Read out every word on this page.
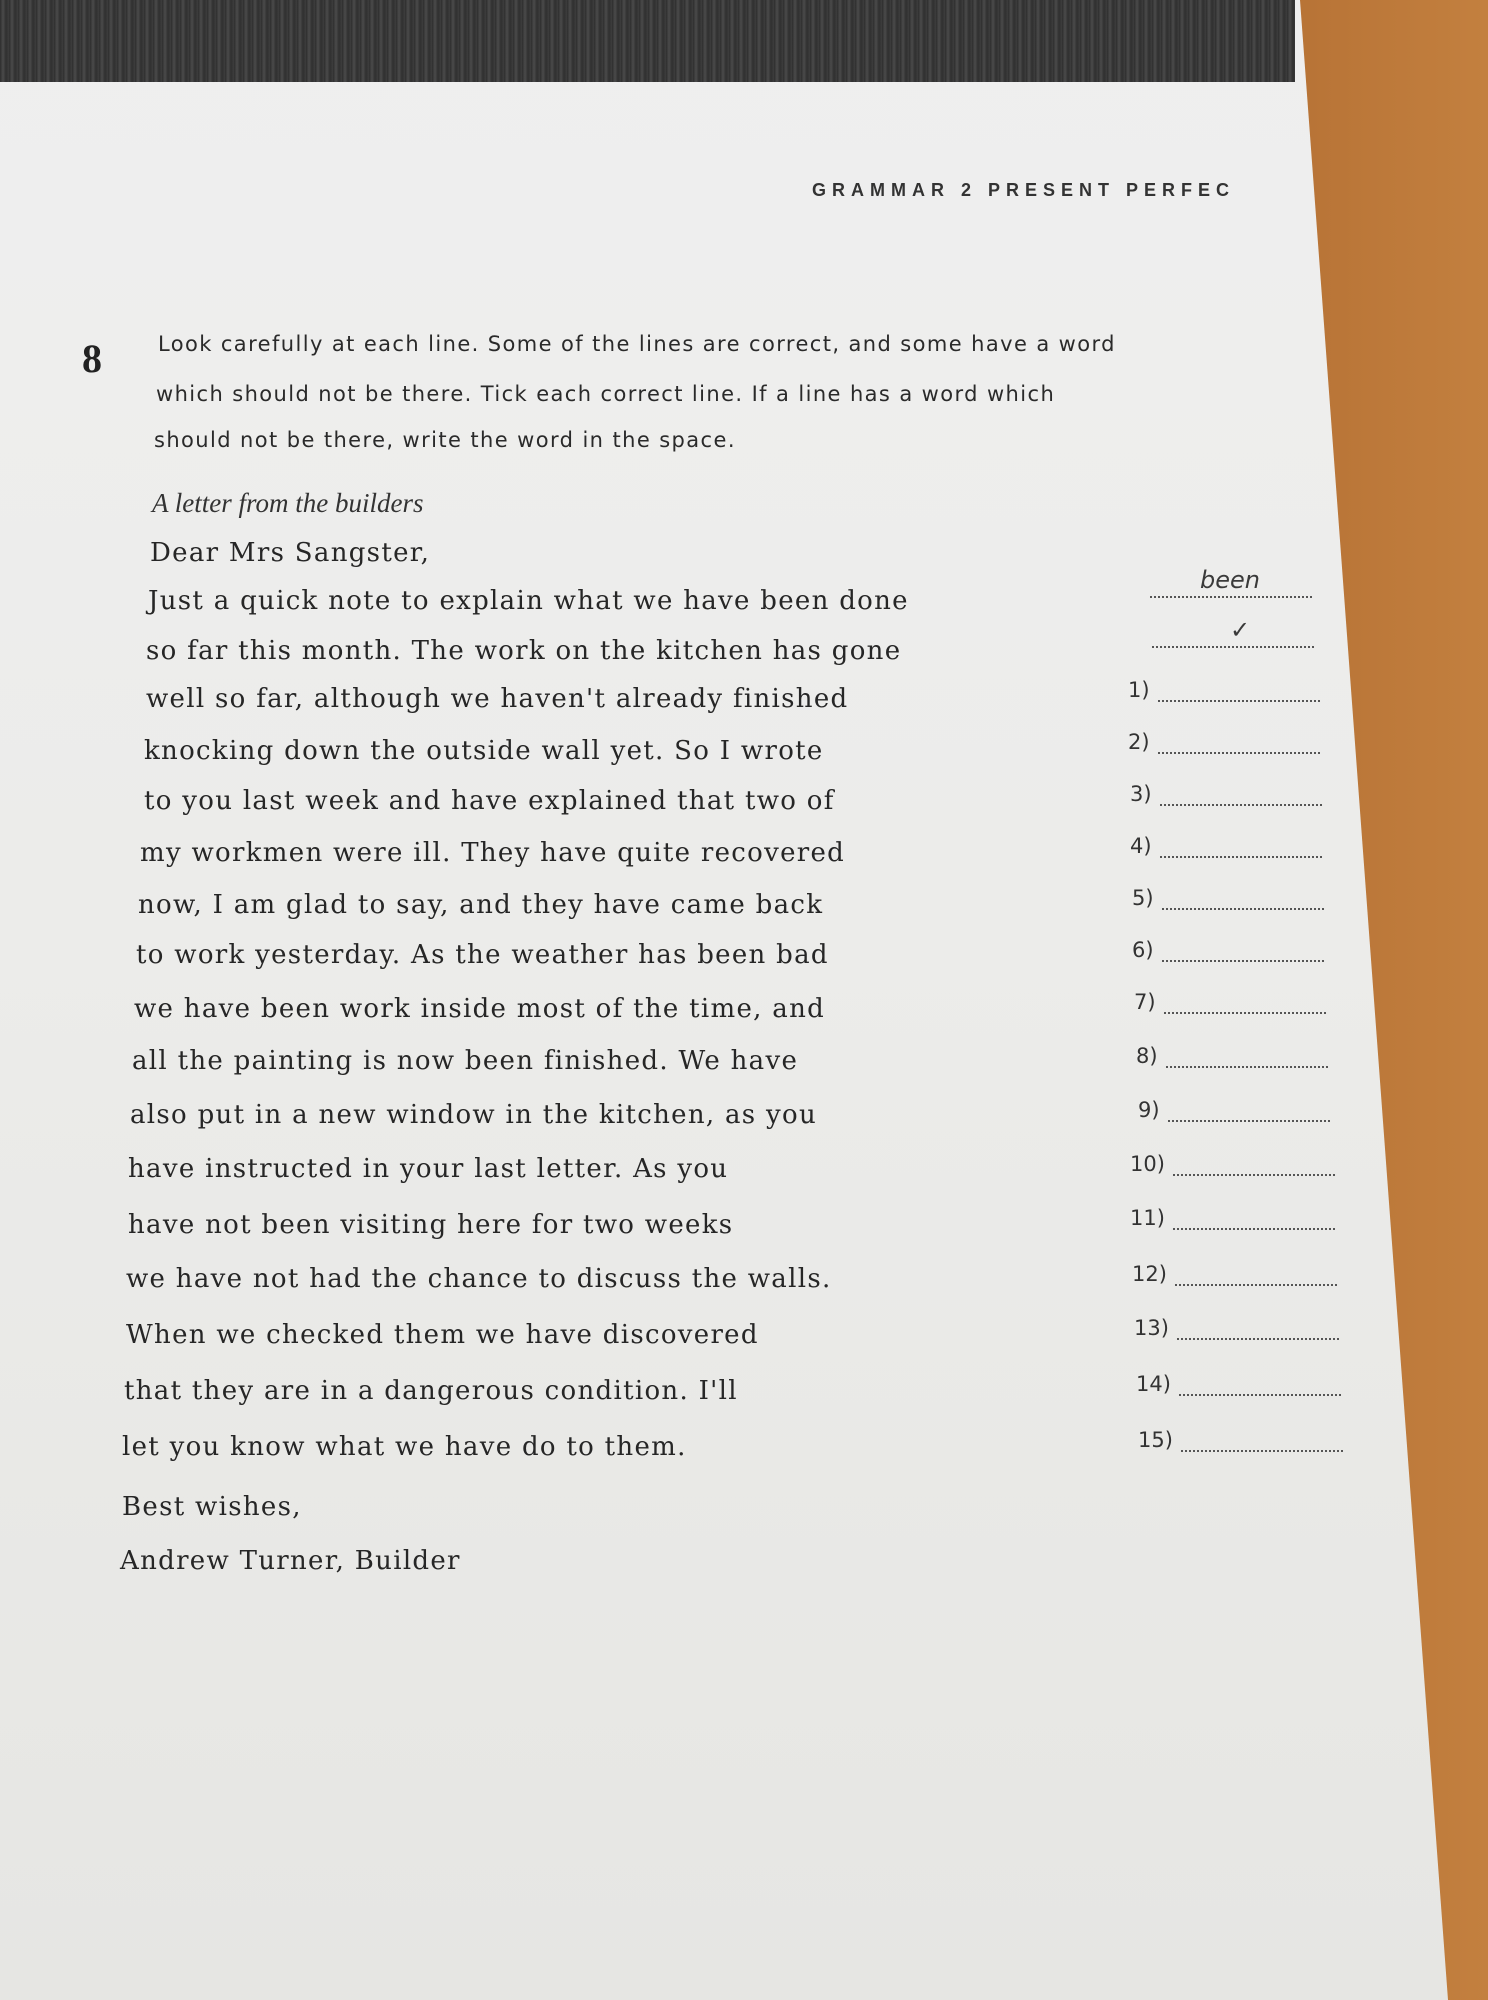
GRAMMAR 2 PRESENT PERFEC
8	Look carefully at each line. Some of the lines are correct, and some have a word
which should not be there. Tick each correct line. If a line has a word which
should not be there, write the word in the space.
A letter from the builders
Dear Mrs Sangster,
Just a quick note to explain what we have been done
so far this month. The work on the kitchen has gone
well so far, although we haven't already finished
knocking down the outside wall yet. So I wrote
to you last week and have explained that two of
my workmen were ill. They have quite recovered
now, I am glad to say, and they have came back
to work yesterday. As the weather has been bad
we have been work inside most of the time, and
all the painting is now been finished. We have
also put in a new window in the kitchen, as you
have instructed in your last letter. As you
have not been visiting here for two weeks
we have not had the chance to discuss the walls.
When we checked them we have discovered
that they are in a dangerous condition. I'll
let you know what we have do to them.
Best wishes,
Andrew Turner, Builder
been
✓
1)
2)
3)
4)
5)
6)
7)
8)
9)
10)
11)
12)
13)
14)
15)
